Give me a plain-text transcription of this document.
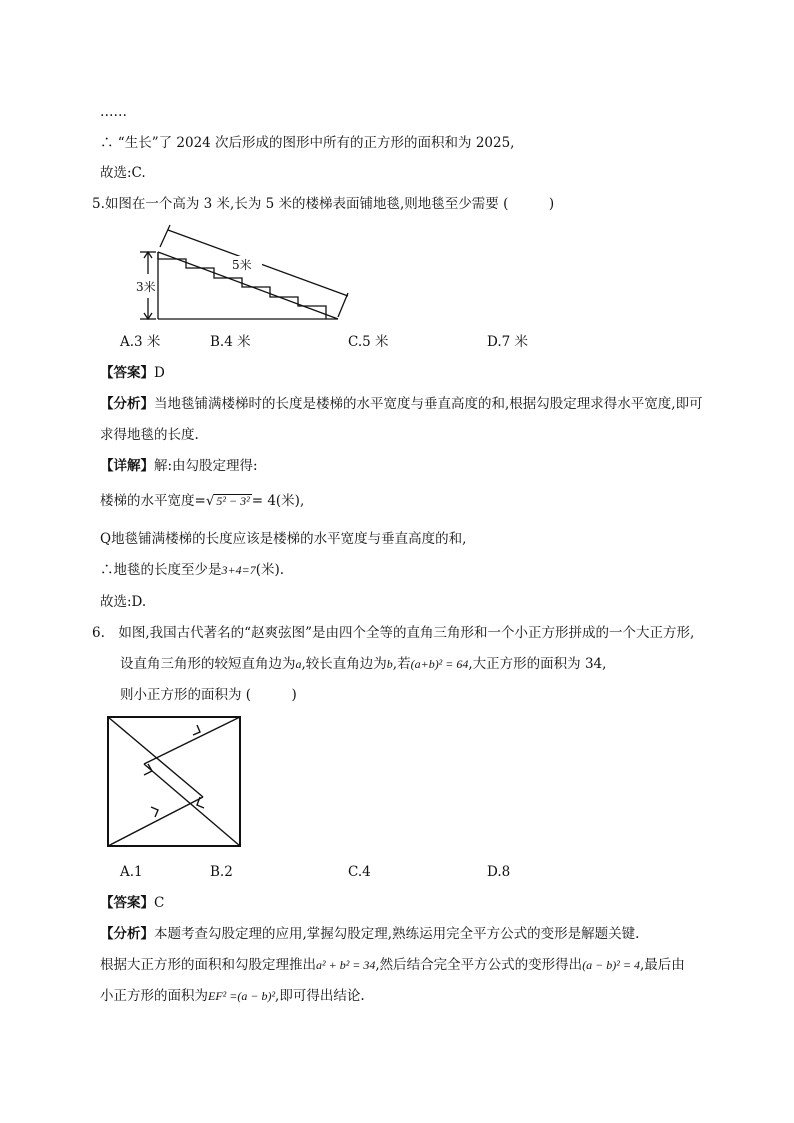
……
∴ “生长”了 2024 次后形成的图形中所有的正方形的面积和为 2025,
故选:C.
5.如图在一个高为 3 米,长为 5 米的楼梯表面铺地毯,则地毯至少需要 (　　　)
5米
3米
A.3 米	B.4 米	C.5 米	D.7 米
【答案】D
【分析】当地毯铺满楼梯时的长度是楼梯的水平宽度与垂直高度的和,根据勾股定理求得水平宽度,即可
求得地毯的长度.
【详解】解:由勾股定理得:
楼梯的水平宽度=√ 5² − 3² = 4(米),
Q地毯铺满楼梯的长度应该是楼梯的水平宽度与垂直高度的和,
∴地毯的长度至少是3+4=7(米).
故选:D.
6.　如图,我国古代著名的“赵爽弦图”是由四个全等的直角三角形和一个小正方形拼成的一个大正方形,
设直角三角形的较短直角边为a,较长直角边为b,若(a+b)² = 64,大正方形的面积为 34,
则小正方形的面积为 (　　　)
A.1	B.2	C.4	D.8
【答案】C
【分析】本题考查勾股定理的应用,掌握勾股定理,熟练运用完全平方公式的变形是解题关键.
根据大正方形的面积和勾股定理推出a² + b² = 34,然后结合完全平方公式的变形得出(a − b)² = 4,最后由
小正方形的面积为EF² =(a − b)²,即可得出结论.
